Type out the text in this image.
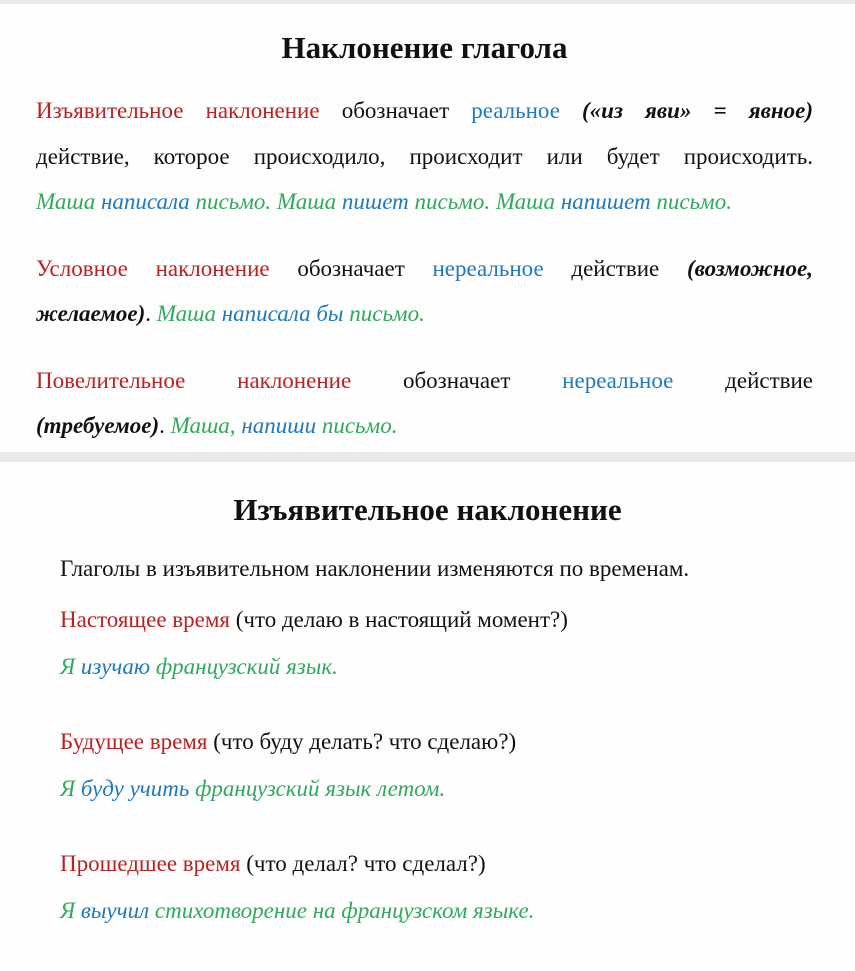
Наклонение глагола
Изъявительное наклонение обозначает реальное («из яви» = явное)
действие, которое происходило, происходит или будет происходить.
Маша написала письмо. Маша пишет письмо. Маша напишет письмо.
Условное наклонение обозначает нереальное действие (возможное,
желаемое). Маша написала бы письмо.
Повелительное наклонение обозначает нереальное действие
(требуемое). Маша, напиши письмо.
Изъявительное наклонение
Глаголы в изъявительном наклонении изменяются по временам.
Настоящее время (что делаю в настоящий момент?)
Я изучаю французский язык.
Будущее время (что буду делать? что сделаю?)
Я буду учить французский язык летом.
Прошедшее время (что делал? что сделал?)
Я выучил стихотворение на французском языке.
